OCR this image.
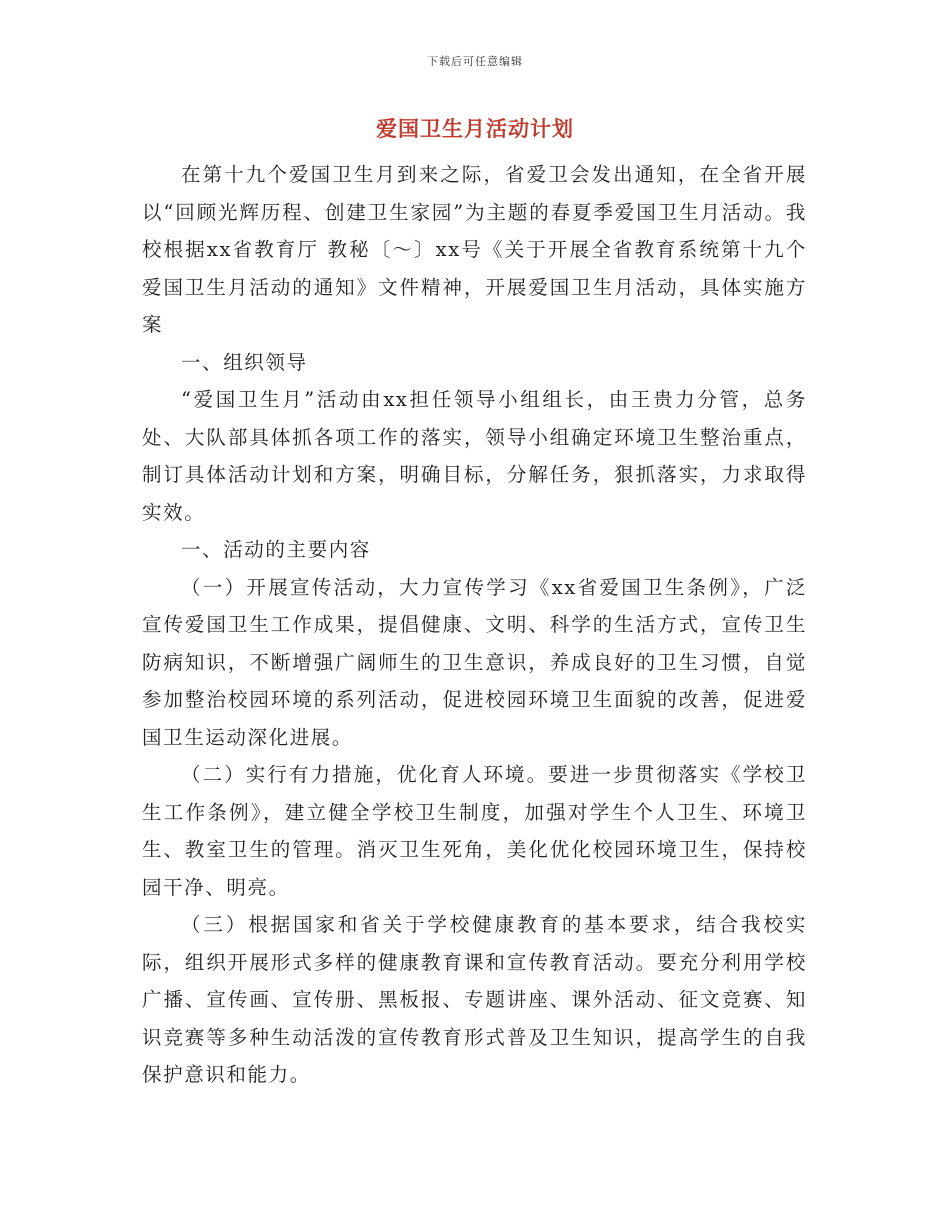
下载后可任意编辑
爱国卫生月活动计划

在第十九个爱国卫生月到来之际，省爱卫会发出通知，在全省开展以“回顾光辉历程、创建卫生家园”为主题的春夏季爱国卫生月活动。我校根据xx省教育厅 教秘〔～〕xx号《关于开展全省教育系统第十九个爱国卫生月活动的通知》文件精神，开展爱国卫生月活动，具体实施方案

一、组织领导

“爱国卫生月”活动由xx担任领导小组组长，由王贵力分管，总务处、大队部具体抓各项工作的落实，领导小组确定环境卫生整治重点，制订具体活动计划和方案，明确目标，分解任务，狠抓落实，力求取得实效。

一、活动的主要内容

（一）开展宣传活动，大力宣传学习《xx省爱国卫生条例》，广泛宣传爱国卫生工作成果，提倡健康、文明、科学的生活方式，宣传卫生防病知识，不断增强广阔师生的卫生意识，养成良好的卫生习惯，自觉参加整治校园环境的系列活动，促进校园环境卫生面貌的改善，促进爱国卫生运动深化进展。

（二）实行有力措施，优化育人环境。要进一步贯彻落实《学校卫生工作条例》，建立健全学校卫生制度，加强对学生个人卫生、环境卫生、教室卫生的管理。消灭卫生死角，美化优化校园环境卫生，保持校园干净、明亮。

（三）根据国家和省关于学校健康教育的基本要求，结合我校实际，组织开展形式多样的健康教育课和宣传教育活动。要充分利用学校广播、宣传画、宣传册、黑板报、专题讲座、课外活动、征文竞赛、知识竞赛等多种生动活泼的宣传教育形式普及卫生知识，提高学生的自我保护意识和能力。
